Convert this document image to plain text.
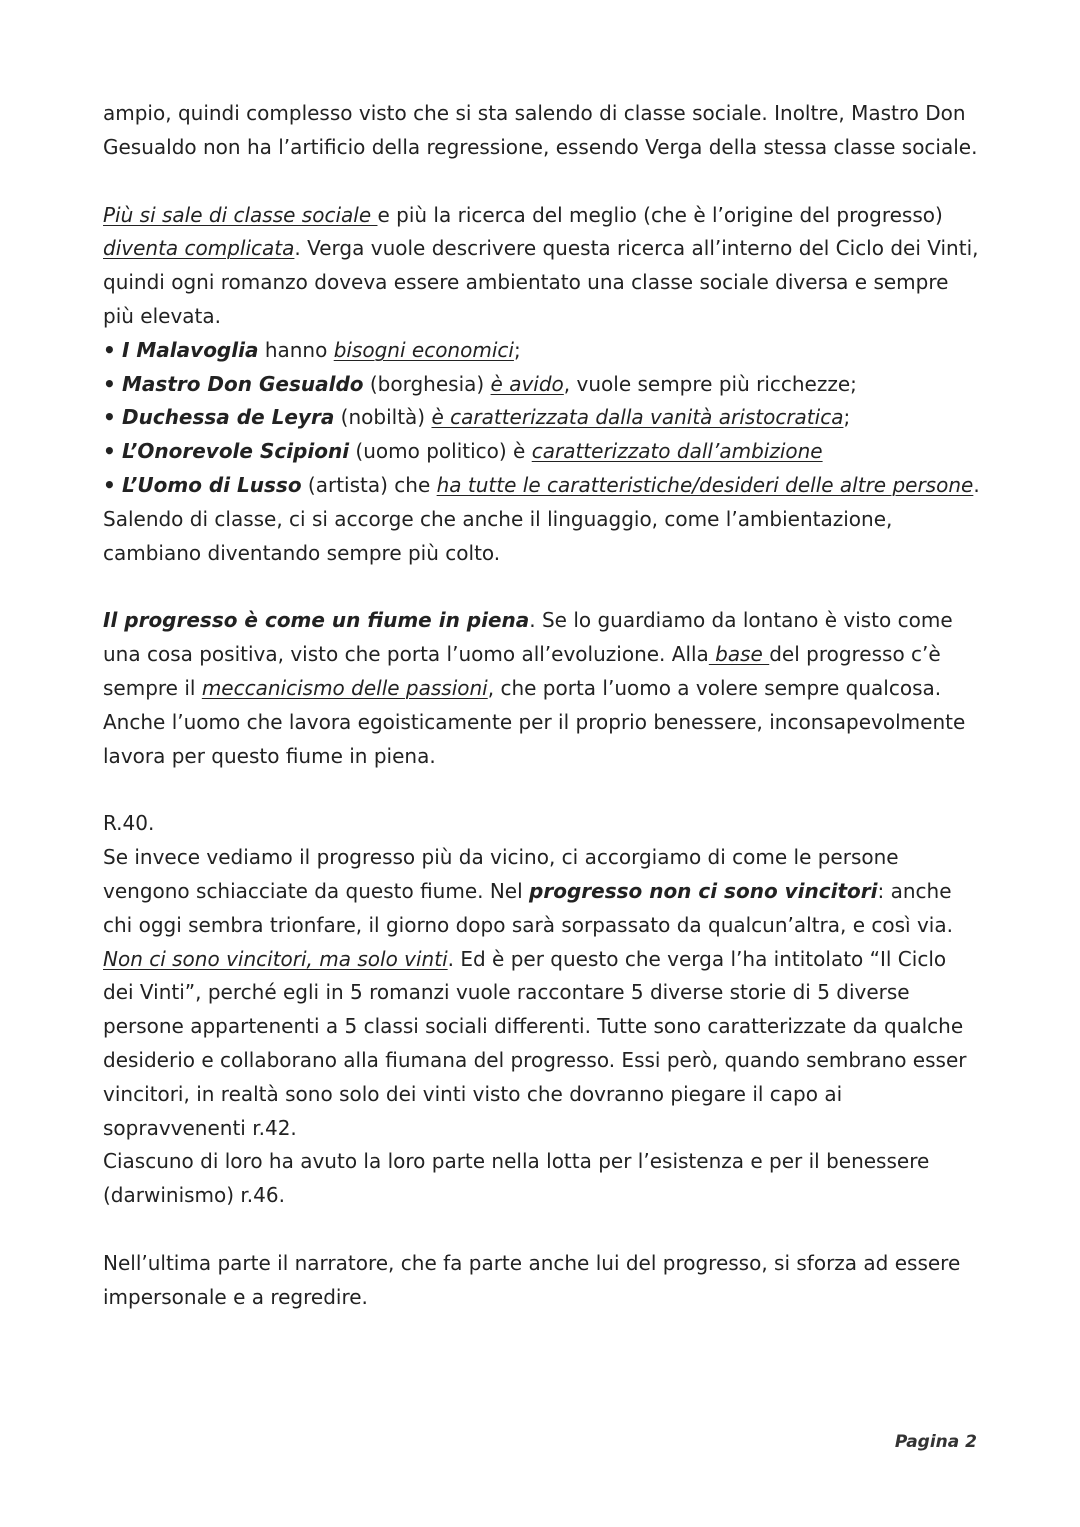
ampio, quindi complesso visto che si sta salendo di classe sociale. Inoltre, Mastro Don
Gesualdo non ha l’artificio della regressione, essendo Verga della stessa classe sociale.

Più si sale di classe sociale e più la ricerca del meglio (che è l’origine del progresso) diventa complicata. Verga vuole descrivere questa ricerca all’interno del Ciclo dei Vinti, quindi ogni romanzo doveva essere ambientato una classe sociale diversa e sempre più elevata.

• I Malavoglia hanno bisogni economici;
• Mastro Don Gesualdo (borghesia) è avido, vuole sempre più ricchezze;
• Duchessa de Leyra (nobiltà) è caratterizzata dalla vanità aristocratica;
• L’Onorevole Scipioni (uomo politico) è caratterizzato dall’ambizione
• L’Uomo di Lusso (artista) che ha tutte le caratteristiche/desideri delle altre persone.

Salendo di classe, ci si accorge che anche il linguaggio, come l’ambientazione, cambiano diventando sempre più colto.

Il progresso è come un fiume in piena. Se lo guardiamo da lontano è visto come una cosa positiva, visto che porta l’uomo all’evoluzione. Alla base del progresso c’è sempre il meccanicismo delle passioni, che porta l’uomo a volere sempre qualcosa.

Anche l’uomo che lavora egoisticamente per il proprio benessere, inconsapevolmente lavora per questo fiume in piena.

R.40.

Se invece vediamo il progresso più da vicino, ci accorgiamo di come le persone vengono schiacciate da questo fiume. Nel progresso non ci sono vincitori: anche chi oggi sembra trionfare, il giorno dopo sarà sorpassato da qualcun’altra, e così via. Non ci sono vincitori, ma solo vinti. Ed è per questo che verga l’ha intitolato “Il Ciclo dei Vinti”, perché egli in 5 romanzi vuole raccontare 5 diverse storie di 5 diverse persone appartenenti a 5 classi sociali differenti. Tutte sono caratterizzate da qualche desiderio e collaborano alla fiumana del progresso. Essi però, quando sembrano esser vincitori, in realtà sono solo dei vinti visto che dovranno piegare il capo ai sopravvenenti r.42.

Ciascuno di loro ha avuto la loro parte nella lotta per l’esistenza e per il benessere (darwinismo) r.46.

Nell’ultima parte il narratore, che fa parte anche lui del progresso, si sforza ad essere impersonale e a regredire.

Pagina 2
